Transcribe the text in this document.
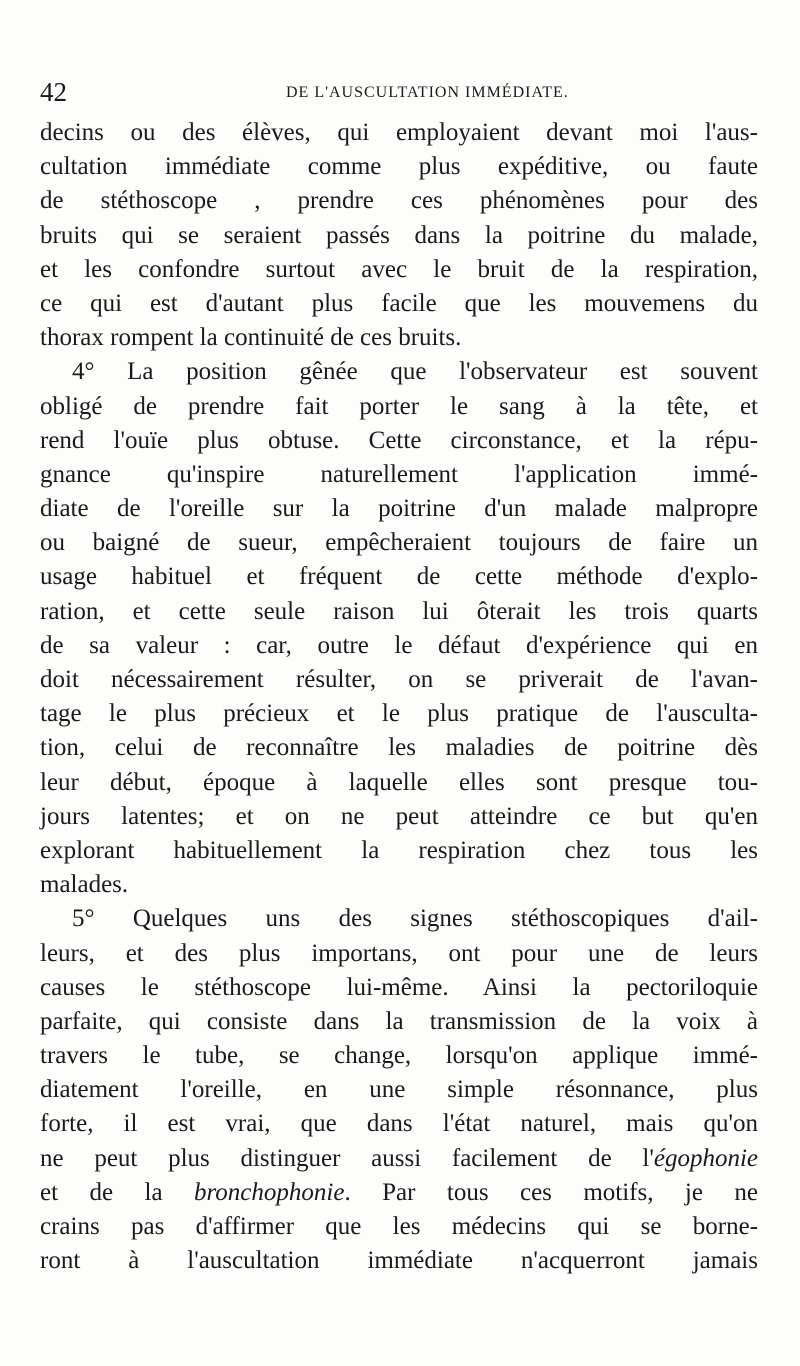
42	DE L'AUSCULTATION IMMÉDIATE.
decins ou des élèves, qui employaient devant moi l'aus-
cultation immédiate comme plus expéditive, ou faute
de stéthoscope , prendre ces phénomènes pour des
bruits qui se seraient passés dans la poitrine du malade,
et les confondre surtout avec le bruit de la respiration,
ce qui est d'autant plus facile que les mouvemens du
thorax rompent la continuité de ces bruits.
4° La position gênée que l'observateur est souvent
obligé de prendre fait porter le sang à la tête, et
rend l'ouïe plus obtuse. Cette circonstance, et la répu-
gnance qu'inspire naturellement l'application immé-
diate de l'oreille sur la poitrine d'un malade malpropre
ou baigné de sueur, empêcheraient toujours de faire un
usage habituel et fréquent de cette méthode d'explo-
ration, et cette seule raison lui ôterait les trois quarts
de sa valeur : car, outre le défaut d'expérience qui en
doit nécessairement résulter, on se priverait de l'avan-
tage le plus précieux et le plus pratique de l'ausculta-
tion, celui de reconnaître les maladies de poitrine dès
leur début, époque à laquelle elles sont presque tou-
jours latentes; et on ne peut atteindre ce but qu'en
explorant habituellement la respiration chez tous les
malades.
5° Quelques uns des signes stéthoscopiques d'ail-
leurs, et des plus importans, ont pour une de leurs
causes le stéthoscope lui-même. Ainsi la pectoriloquie
parfaite, qui consiste dans la transmission de la voix à
travers le tube, se change, lorsqu'on applique immé-
diatement l'oreille, en une simple résonnance, plus
forte, il est vrai, que dans l'état naturel, mais qu'on
ne peut plus distinguer aussi facilement de l'égophonie
et de la bronchophonie. Par tous ces motifs, je ne
crains pas d'affirmer que les médecins qui se borne-
ront à l'auscultation immédiate n'acquerront jamais
